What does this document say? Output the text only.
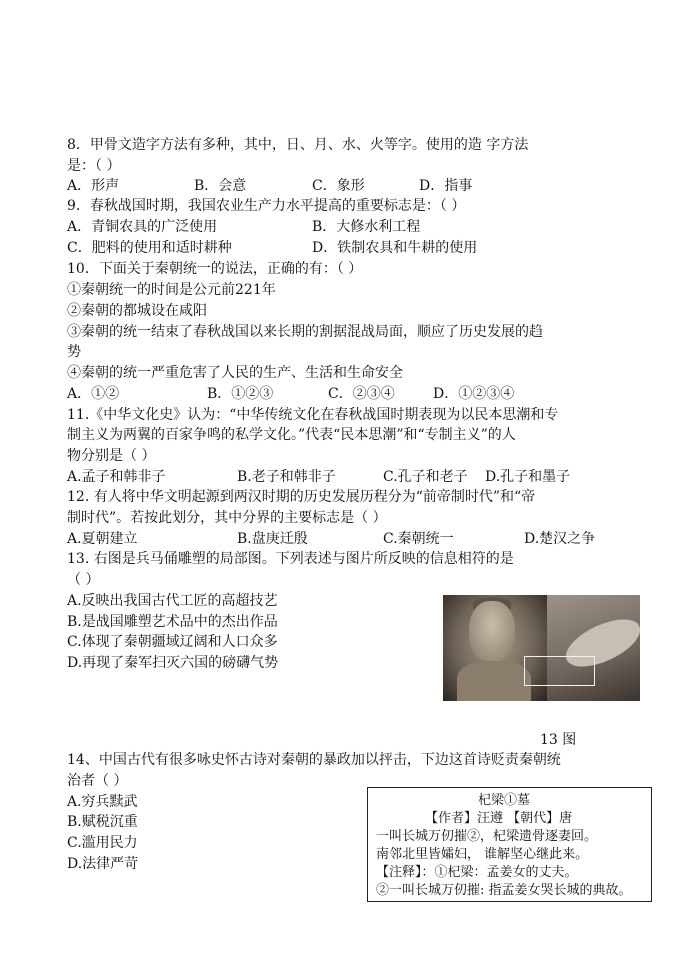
8．甲骨文造字方法有多种，其中，日、月、水、火等字。使用的造 字方法
是：（ ）
A．形声	B．会意	C．象形	D．指事
9．春秋战国时期，我国农业生产力水平提高的重要标志是：（ ）
A．青铜农具的广泛使用	B．大修水利工程
C．肥料的使用和适时耕种	D．铁制农具和牛耕的使用
10．下面关于秦朝统一的说法，正确的有：（ ）
①秦朝统一的时间是公元前221年
②秦朝的都城设在咸阳
③秦朝的统一结束了春秋战国以来长期的割据混战局面，顺应了历史发展的趋
势
④秦朝的统一严重危害了人民的生产、生活和生命安全
A．①②	B．①②③	C．②③④	D．①②③④
11.《中华文化史》认为：“中华传统文化在春秋战国时期表现为以民本思潮和专
制主义为两翼的百家争鸣的私学文化。”代表“民本思潮”和“专制主义”的人
物分别是（ ）
A.孟子和韩非子	B.老子和韩非子	C.孔子和老子 D.孔子和墨子
12. 有人将中华文明起源到两汉时期的历史发展历程分为“前帝制时代”和“帝
制时代”。若按此划分，其中分界的主要标志是（ ）
A.夏朝建立	B.盘庚迁殷	C.秦朝统一	D.楚汉之争
13. 右图是兵马俑雕塑的局部图。下列表述与图片所反映的信息相符的是
（ ）
A.反映出我国古代工匠的高超技艺
B.是战国雕塑艺术品中的杰出作品
C.体现了秦朝疆域辽阔和人口众多
D.再现了秦军扫灭六国的磅礴气势
13 图
14、中国古代有很多咏史怀古诗对秦朝的暴政加以抨击，下边这首诗贬责秦朝统
治者（ ）
A.穷兵黩武
B.赋税沉重
C.滥用民力
D.法律严苛
杞梁①墓
【作者】汪遵 【朝代】唐
一叫长城万仞摧②，杞梁遗骨逐妻回。
南邻北里皆孀妇， 谁解坚心继此来。
【注释】：①杞梁：孟姜女的丈夫。
②一叫长城万仞摧: 指孟姜女哭长城的典故。
